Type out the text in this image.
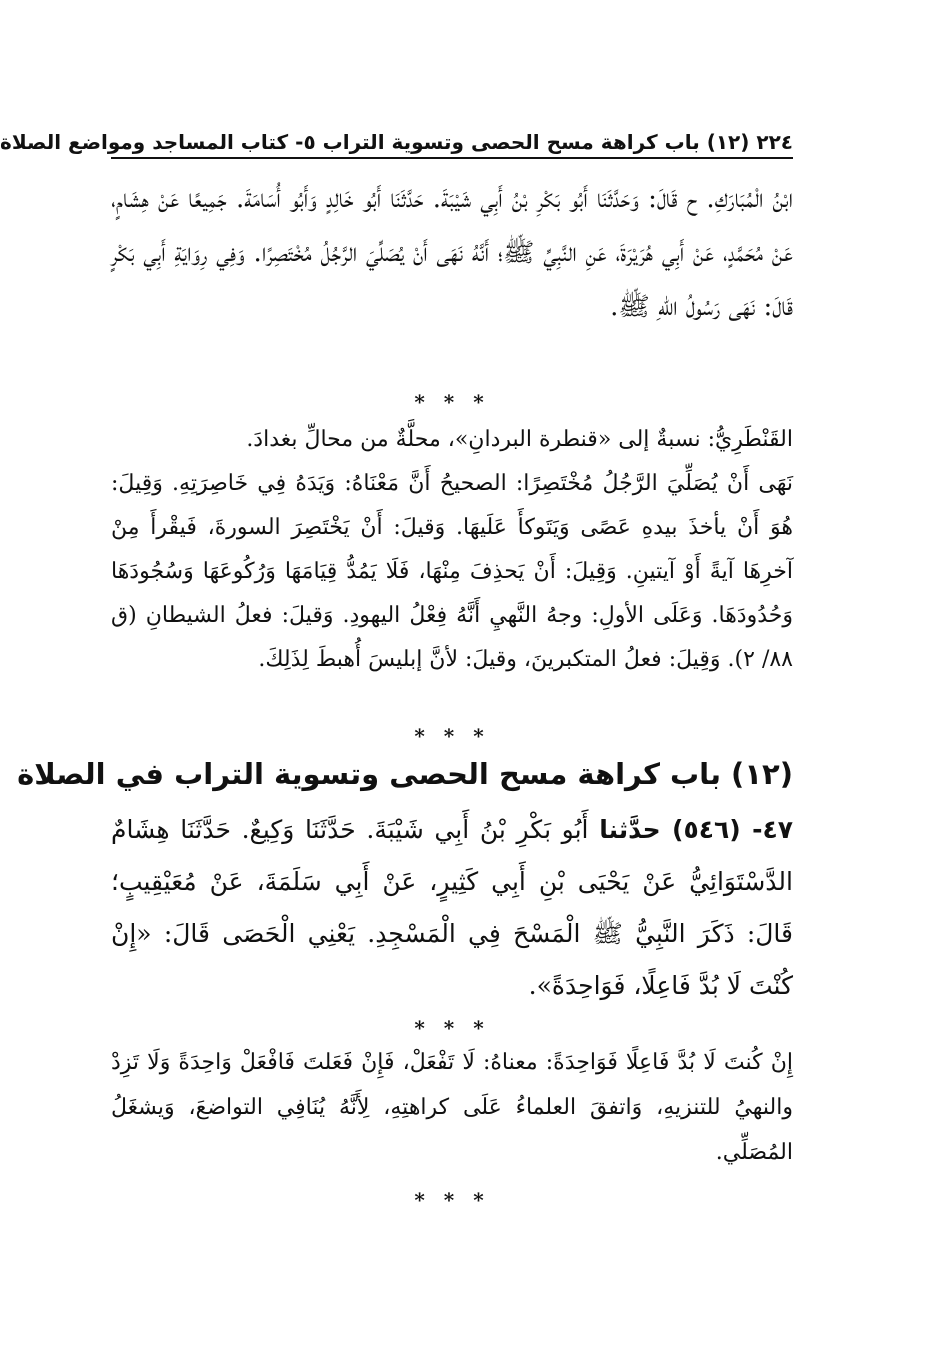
٢٢٤ (١٢) باب كراهة مسح الحصى وتسوية التراب ٥- كتاب المساجد ومواضع الصلاة
ابْنُ الْمُبَارَكِ. ح قَالَ: وَحَدَّثَنَا أَبُو بَكْرِ بْنُ أَبِي شَيْبَةَ. حَدَّثَنَا أَبُو خَالِدٍ وَأَبُو أُسَامَةَ. جَمِيعًا عَنْ هِشَامٍ، عَنْ مُحَمَّدٍ، عَنْ أَبِي هُرَيْرَةَ، عَنِ النَّبِيِّ ﷺ؛ أَنَّهُ نَهَى أَنْ يُصَلِّيَ الرَّجُلُ مُخْتَصِرًا. وَفِي رِوَايَةِ أَبِي بَكْرٍ قَالَ: نَهَى رَسُولُ اللهِ ﷺ.
* * *

القَنْطَرِيُّ: نسبةٌ إلى «قنطرة البردانِ»، محلَّةٌ من محالِّ بغدادَ.

نَهَى أَنْ يُصَلِّيَ الرَّجُلُ مُخْتَصِرًا: الصحيحُ أَنَّ مَعْنَاهُ: وَيَدَهُ فِي خَاصِرَتِهِ. وَقِيلَ: هُوَ أَنْ يأخذَ بيدهِ عَصًى وَيَتَوكأَ عَلَيهَا. وَقيلَ: أَنْ يَخْتَصِرَ السورةَ، فَيقْرأَ مِنْ آخرِهَا آيةً أَوْ آيتينِ. وَقِيلَ: أَنْ يَحذِفَ مِنْهَا، فَلَا يَمُدُّ قِيَامَهَا وَرُكُوعَهَا وَسُجُودَهَا وَحُدُودَهَا. وَعَلَى الأولِ: وجهُ النَّهيِ أَنَّهُ فِعْلُ اليهودِ. وَقيلَ: فعلُ الشيطانِ (ق ٨٨/ ٢). وَقِيلَ: فعلُ المتكبرينَ، وقيلَ: لأنَّ إبليسَ أُهبطَ لِذَلِكَ.

* * *
(١٢) باب كراهة مسح الحصى وتسوية التراب في الصلاة
٤٧- (٥٤٦) حدَّثنا أَبُو بَكْرِ بْنُ أَبِي شَيْبَةَ. حَدَّثَنَا وَكِيعٌ. حَدَّثَنَا هِشَامٌ الدَّسْتَوَائِيُّ عَنْ يَحْيَى بْنِ أَبِي كَثِيرٍ، عَنْ أَبِي سَلَمَةَ، عَنْ مُعَيْقِيبٍ؛ قَالَ: ذَكَرَ النَّبِيُّ ﷺ الْمَسْحَ فِي الْمَسْجِدِ. يَعْنِي الْحَصَى قَالَ: «إِنْ كُنْتَ لَا بُدَّ فَاعِلًا، فَوَاحِدَةً».
* * *

إِنْ كُنتَ لَا بُدَّ فَاعِلًا فَوَاحِدَةً: معناهُ: لَا تَفْعَلْ، فَإِنْ فَعَلتَ فَافْعَلْ وَاحِدَةً وَلَا تَزِدْ والنهيُ للتنزيهِ، وَاتفقَ العلماءُ عَلَى كراهتِهِ، لِأَنَّهُ يُنَافِي التواضعَ، وَيشغَلُ المُصَلِّي.

* * *
